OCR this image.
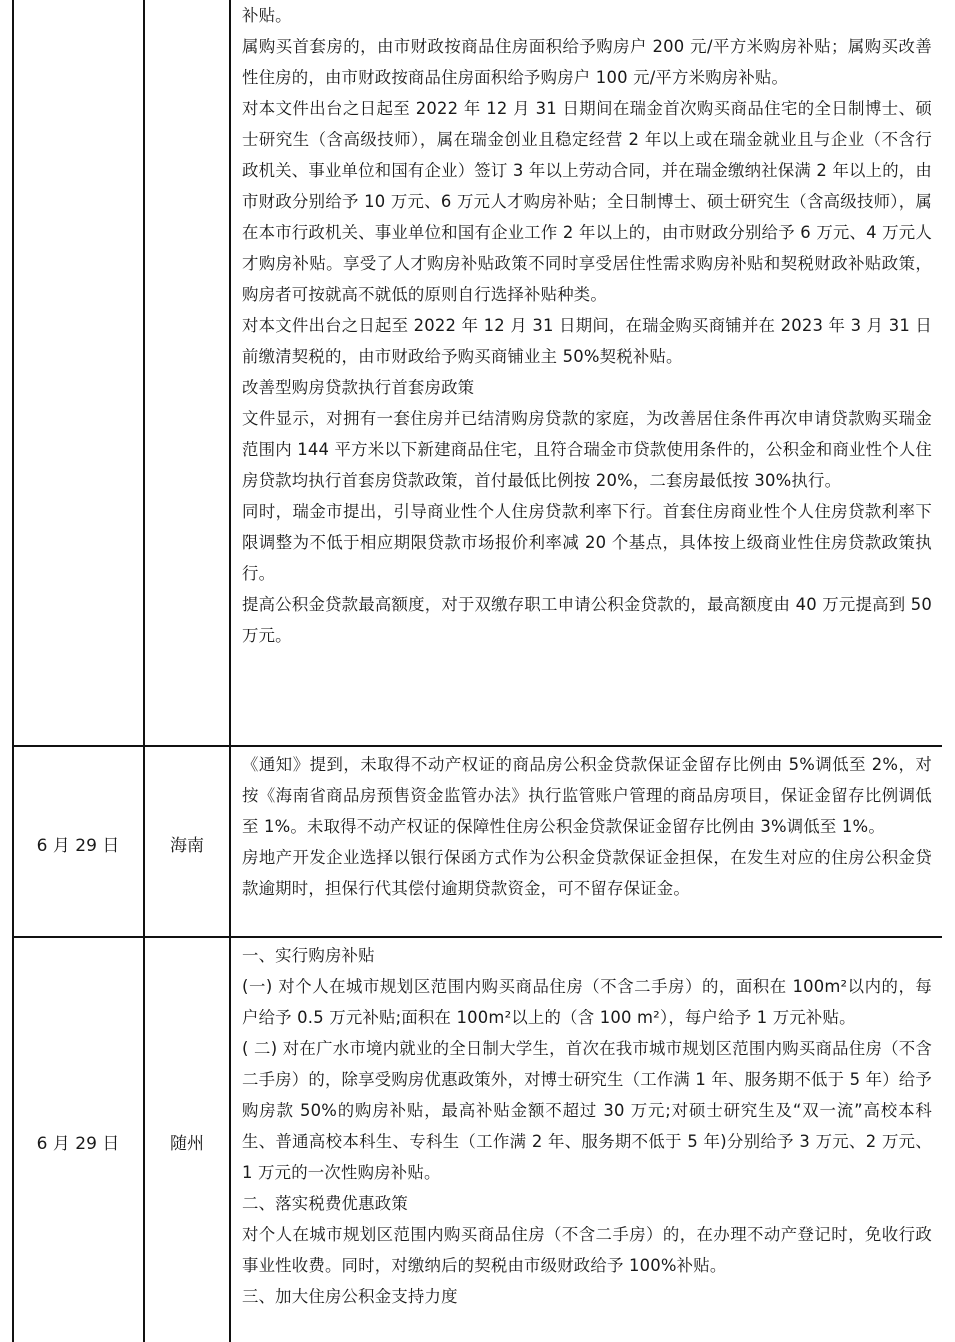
补贴。

属购买首套房的，由市财政按商品住房面积给予购房户 200 元/平方米购房补贴；属购买改善性住房的，由市财政按商品住房面积给予购房户 100 元/平方米购房补贴。

对本文件出台之日起至 2022 年 12 月 31 日期间在瑞金首次购买商品住宅的全日制博士、硕士研究生（含高级技师），属在瑞金创业且稳定经营 2 年以上或在瑞金就业且与企业（不含行政机关、事业单位和国有企业）签订 3 年以上劳动合同，并在瑞金缴纳社保满 2 年以上的，由市财政分别给予 10 万元、6 万元人才购房补贴；全日制博士、硕士研究生（含高级技师），属在本市行政机关、事业单位和国有企业工作 2 年以上的，由市财政分别给予 6 万元、4 万元人才购房补贴。享受了人才购房补贴政策不同时享受居住性需求购房补贴和契税财政补贴政策，购房者可按就高不就低的原则自行选择补贴种类。

对本文件出台之日起至 2022 年 12 月 31 日期间，在瑞金购买商铺并在 2023 年 3 月 31 日前缴清契税的，由市财政给予购买商铺业主 50%契税补贴。

改善型购房贷款执行首套房政策

文件显示，对拥有一套住房并已结清购房贷款的家庭，为改善居住条件再次申请贷款购买瑞金范围内 144 平方米以下新建商品住宅，且符合瑞金市贷款使用条件的，公积金和商业性个人住房贷款均执行首套房贷款政策，首付最低比例按 20%，二套房最低按 30%执行。

同时，瑞金市提出，引导商业性个人住房贷款利率下行。首套住房商业性个人住房贷款利率下限调整为不低于相应期限贷款市场报价利率减 20 个基点，具体按上级商业性住房贷款政策执行。

提高公积金贷款最高额度，对于双缴存职工申请公积金贷款的，最高额度由 40 万元提高到 50 万元。

6 月 29 日	海南

《通知》提到，未取得不动产权证的商品房公积金贷款保证金留存比例由 5%调低至 2%，对按《海南省商品房预售资金监管办法》执行监管账户管理的商品房项目，保证金留存比例调低至 1%。未取得不动产权证的保障性住房公积金贷款保证金留存比例由 3%调低至 1%。

房地产开发企业选择以银行保函方式作为公积金贷款保证金担保，在发生对应的住房公积金贷款逾期时，担保行代其偿付逾期贷款资金，可不留存保证金。

6 月 29 日	随州

一、实行购房补贴

(一) 对个人在城市规划区范围内购买商品住房（不含二手房）的，面积在 100m²以内的，每户给予 0.5 万元补贴;面积在 100m²以上的（含 100 m²），每户给予 1 万元补贴。

( 二) 对在广水市境内就业的全日制大学生，首次在我市城市规划区范围内购买商品住房（不含二手房）的，除享受购房优惠政策外，对博士研究生（工作满 1 年、服务期不低于 5 年）给予购房款 50%的购房补贴，最高补贴金额不超过 30 万元;对硕士研究生及“双一流”高校本科生、普通高校本科生、专科生（工作满 2 年、服务期不低于 5 年)分别给予 3 万元、2 万元、1 万元的一次性购房补贴。

二、落实税费优惠政策

对个人在城市规划区范围内购买商品住房（不含二手房）的，在办理不动产登记时，免收行政事业性收费。同时，对缴纳后的契税由市级财政给予 100%补贴。

三、加大住房公积金支持力度
